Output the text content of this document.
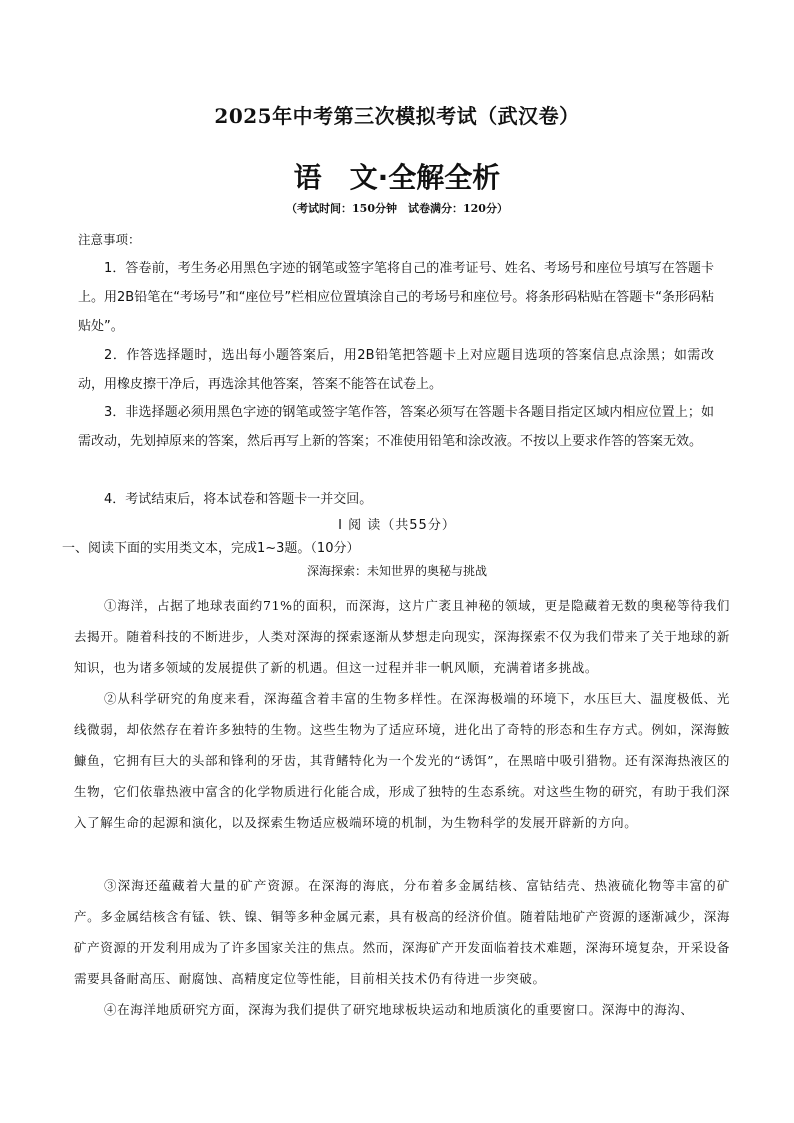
2025年中考第三次模拟考试（武汉卷）
语　文·全解全析
（考试时间：150分钟　试卷满分：120分）
注意事项：
1．答卷前，考生务必用黑色字迹的钢笔或签字笔将自己的准考证号、姓名、考场号和座位号填写在答题卡上。用2B铅笔在“考场号”和“座位号”栏相应位置填涂自己的考场号和座位号。将条形码粘贴在答题卡“条形码粘贴处”。
2．作答选择题时，选出每小题答案后，用2B铅笔把答题卡上对应题目选项的答案信息点涂黑；如需改动，用橡皮擦干净后，再选涂其他答案，答案不能答在试卷上。
3．非选择题必须用黑色字迹的钢笔或签字笔作答，答案必须写在答题卡各题目指定区域内相应位置上；如需改动，先划掉原来的答案，然后再写上新的答案；不准使用铅笔和涂改液。不按以上要求作答的答案无效。
4．考试结束后，将本试卷和答题卡一并交回。
Ⅰ 阅 读（共55分）
一、阅读下面的实用类文本，完成1~3题。（10分）
深海探索：未知世界的奥秘与挑战
①海洋，占据了地球表面约71%的面积，而深海，这片广袤且神秘的领域，更是隐藏着无数的奥秘等待我们去揭开。随着科技的不断进步，人类对深海的探索逐渐从梦想走向现实，深海探索不仅为我们带来了关于地球的新知识，也为诸多领域的发展提供了新的机遇。但这一过程并非一帆风顺，充满着诸多挑战。
②从科学研究的角度来看，深海蕴含着丰富的生物多样性。在深海极端的环境下，水压巨大、温度极低、光线微弱，却依然存在着许多独特的生物。这些生物为了适应环境，进化出了奇特的形态和生存方式。例如，深海鮟鱇鱼，它拥有巨大的头部和锋利的牙齿，其背鳍特化为一个发光的“诱饵”，在黑暗中吸引猎物。还有深海热液区的生物，它们依靠热液中富含的化学物质进行化能合成，形成了独特的生态系统。对这些生物的研究，有助于我们深入了解生命的起源和演化，以及探索生物适应极端环境的机制，为生物科学的发展开辟新的方向。
③深海还蕴藏着大量的矿产资源。在深海的海底，分布着多金属结核、富钴结壳、热液硫化物等丰富的矿产。多金属结核含有锰、铁、镍、铜等多种金属元素，具有极高的经济价值。随着陆地矿产资源的逐渐减少，深海矿产资源的开发利用成为了许多国家关注的焦点。然而，深海矿产开发面临着技术难题，深海环境复杂，开采设备需要具备耐高压、耐腐蚀、高精度定位等性能，目前相关技术仍有待进一步突破。
④在海洋地质研究方面，深海为我们提供了研究地球板块运动和地质演化的重要窗口。深海中的海沟、
